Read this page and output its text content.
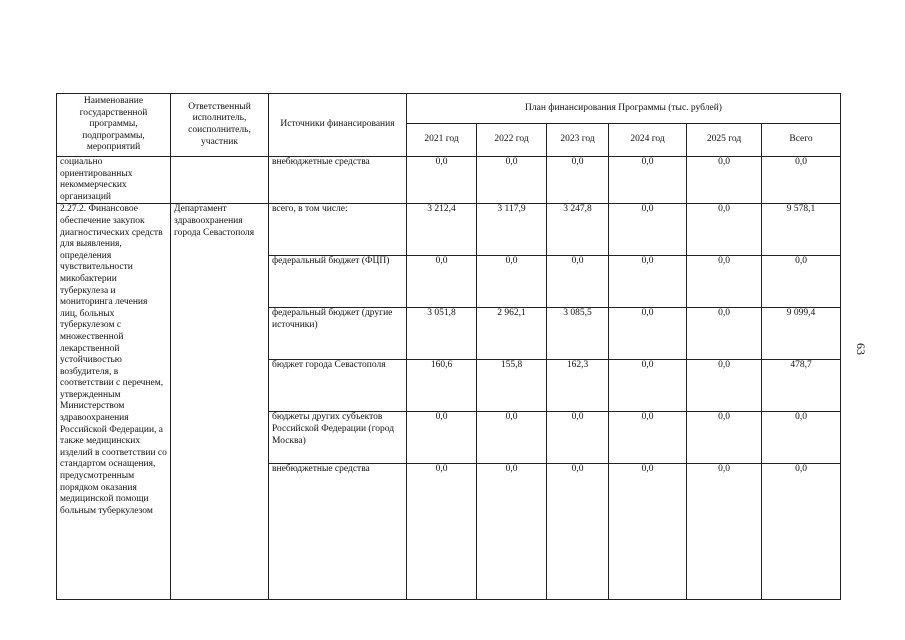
Наименование государственной программы, подпрограммы, мероприятий	Ответственный исполнитель, соисполнитель, участник	Источники финансирования	План финансирования Программы (тыс. рублей)					
			2021 год	2022 год	2023 год	2024 год	2025 год	Всего
социально ориентированных некоммерческих организаций		внебюджетные средства	0,0	0,0	0,0	0,0	0,0	0,0
2.27.2. Финансовое обеспечение закупок диагностических средств для выявления, определения чувствительности микобактерии туберкулеза и мониторинга лечения лиц, больных туберкулезом с множественной лекарственной устойчивостью возбудителя, в соответствии с перечнем, утвержденным Министерством здравоохранения Российской Федерации, а также медицинских изделий в соответствии со стандартом оснащения, предусмотренным порядком оказания медицинской помощи больным туберкулезом	Департамент здравоохранения города Севастополя	всего, в том числе:	3 212,4	3 117,9	3 247,8	0,0	0,0	9 578,1
		федеральный бюджет (ФЦП)	0,0	0,0	0,0	0,0	0,0	0,0
		федеральный бюджет (другие источники)	3 051,8	2 962,1	3 085,5	0,0	0,0	9 099,4
		бюджет города Севастополя	160,6	155,8	162,3	0,0	0,0	478,7
		бюджеты других субъектов Российской Федерации (город Москва)	0,0	0,0	0,0	0,0	0,0	0,0
		внебюджетные средства	0,0	0,0	0,0	0,0	0,0	0,0
63
